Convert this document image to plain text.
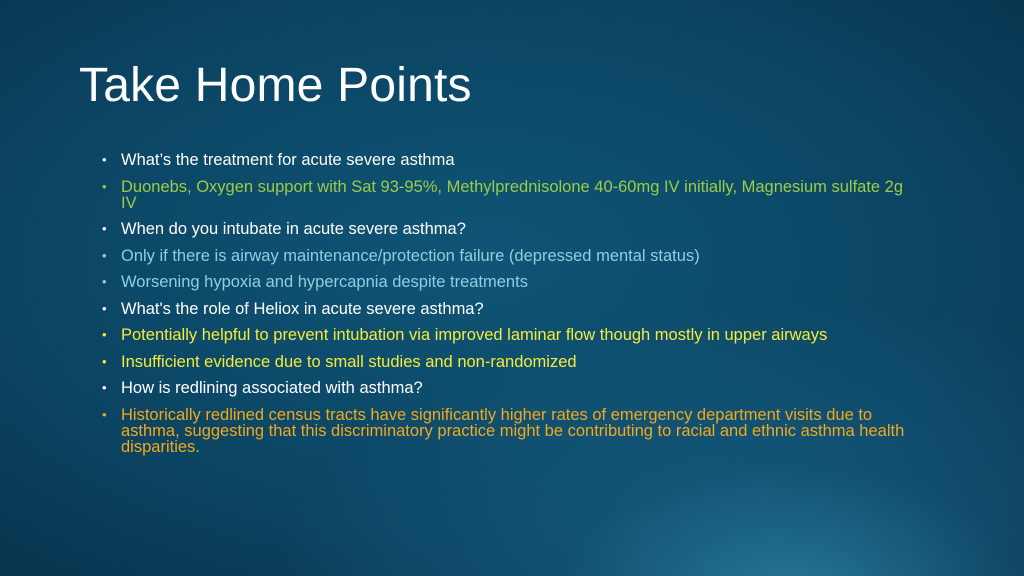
Take Home Points
• What’s the treatment for acute severe asthma
• Duonebs, Oxygen support with Sat 93-95%, Methylprednisolone 40-60mg IV initially, Magnesium sulfate 2g IV
• When do you intubate in acute severe asthma?
• Only if there is airway maintenance/protection failure (depressed mental status)
• Worsening hypoxia and hypercapnia despite treatments
• What's the role of Heliox in acute severe asthma?
• Potentially helpful to prevent intubation via improved laminar flow though mostly in upper airways
• Insufficient evidence due to small studies and non-randomized
• How is redlining associated with asthma?
• Historically redlined census tracts have significantly higher rates of emergency department visits due to asthma, suggesting that this discriminatory practice might be contributing to racial and ethnic asthma health disparities.
